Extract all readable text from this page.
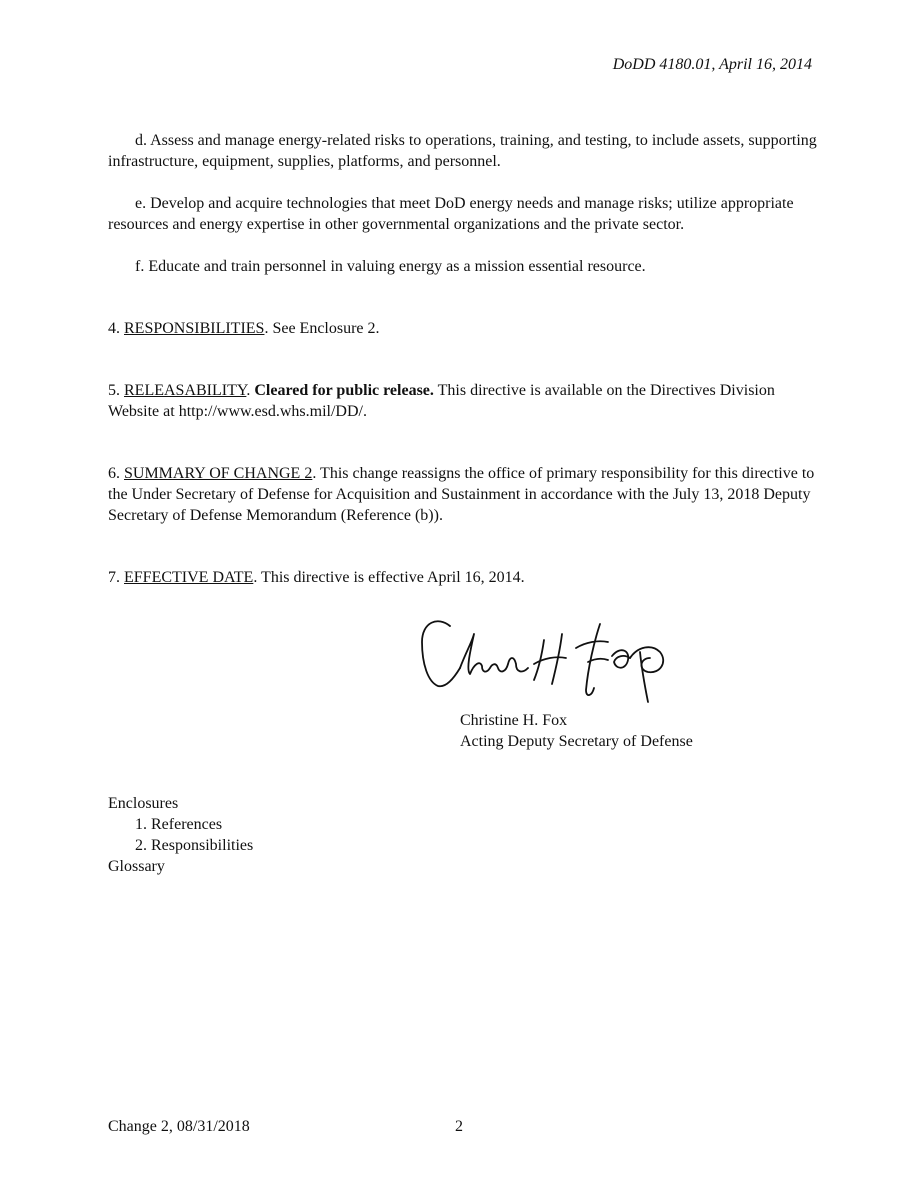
DoDD 4180.01, April 16, 2014

d. Assess and manage energy-related risks to operations, training, and testing, to include assets, supporting infrastructure, equipment, supplies, platforms, and personnel.

e. Develop and acquire technologies that meet DoD energy needs and manage risks; utilize appropriate resources and energy expertise in other governmental organizations and the private sector.

f. Educate and train personnel in valuing energy as a mission essential resource.

4. RESPONSIBILITIES. See Enclosure 2.

5. RELEASABILITY. Cleared for public release. This directive is available on the Directives Division Website at http://www.esd.whs.mil/DD/.

6. SUMMARY OF CHANGE 2. This change reassigns the office of primary responsibility for this directive to the Under Secretary of Defense for Acquisition and Sustainment in accordance with the July 13, 2018 Deputy Secretary of Defense Memorandum (Reference (b)).

7. EFFECTIVE DATE. This directive is effective April 16, 2014.

Christine H. Fox
Acting Deputy Secretary of Defense
Enclosures
1. References
2. Responsibilities
Glossary
Change 2, 08/31/2018	2
